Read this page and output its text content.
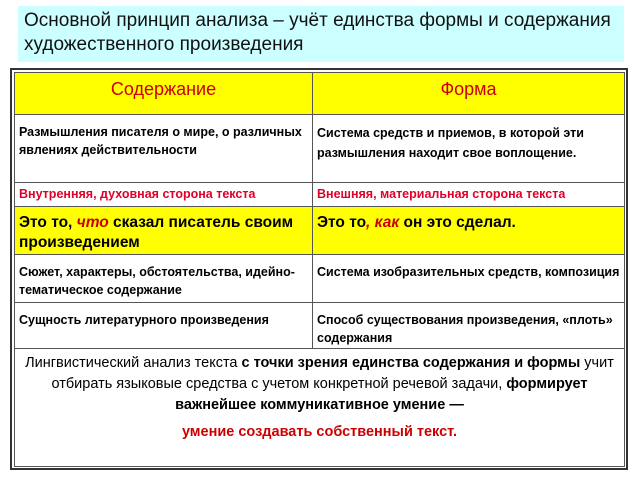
Основной принцип анализа – учёт единства формы и содержания художественного произведения
Содержание	Форма
Размышления писателя о мире, о различных явлениях действительности	Система средств и приемов, в которой эти размышления находит свое воплощение.
Внутренняя, духовная сторона текста	Внешняя, материальная сторона текста
Это то, что сказал писатель своим произведением	Это то, как он это сделал.
Сюжет, характеры, обстоятельства, идейно-тематическое содержание	Система изобразительных средств, композиция
Сущность литературного произведения	Способ существования произведения, «плоть» содержания
Лингвистический анализ текста с точки зрения единства содержания и формы учит отбирать языковые средства с учетом конкретной речевой задачи, формирует важнейшее коммуникативное умение —
умение создавать собственный текст.	
